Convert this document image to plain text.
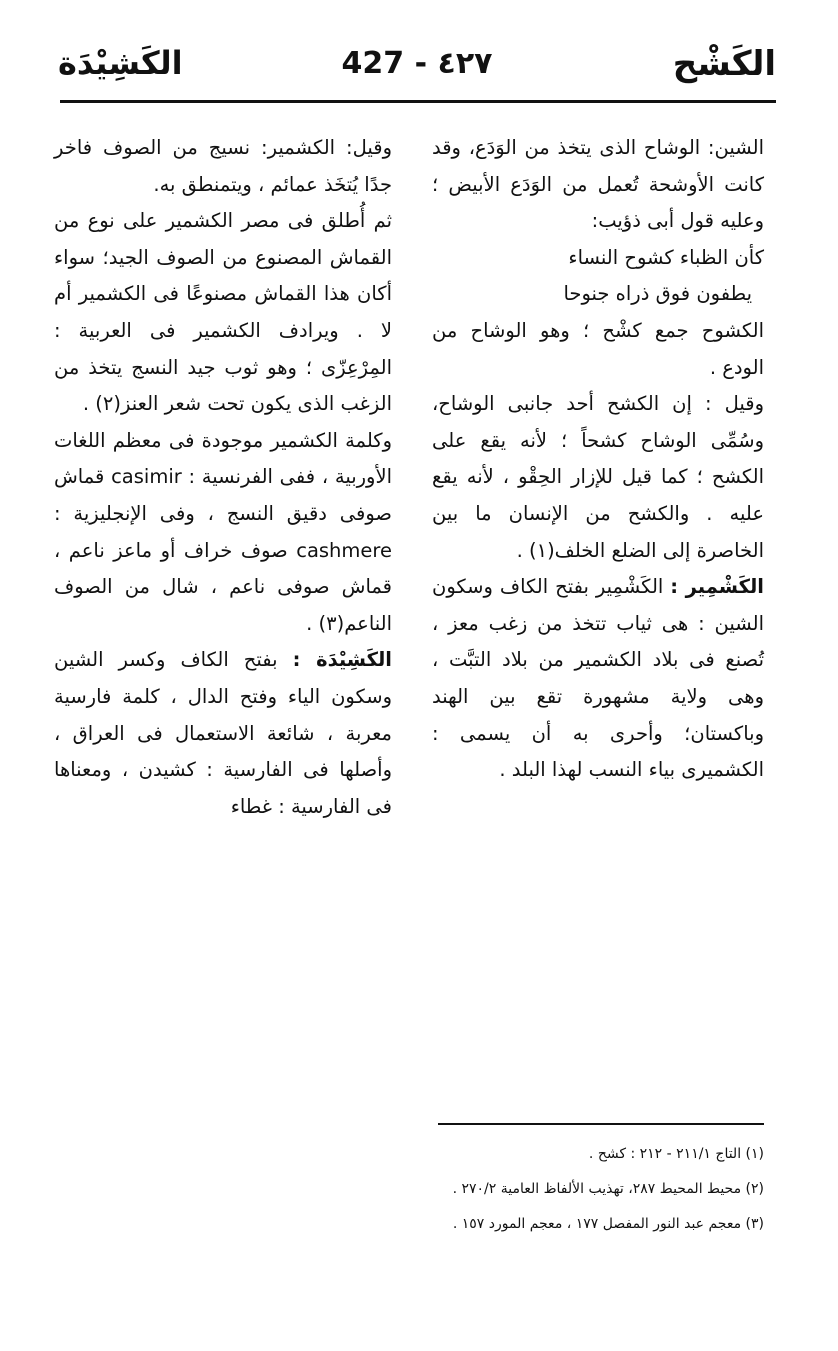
الكَشْح
427 - ٤٢٧
الكَشِيْدَة

الشين: الوشاح الذى يتخذ من الوَدَع، وقد كانت الأوشحة تُعمل من الوَدَع الأبيض ؛ وعليه قول أبى ذؤيب:

كأن الظباء كشوح النساء

يطفون فوق ذراه جنوحا

الكشوح جمع كشْح ؛ وهو الوشاح من الودع .

وقيل : إن الكشح أحد جانبى الوشاح، وسُمِّى الوشاح كشحاً ؛ لأنه يقع على الكشح ؛ كما قيل للإزار الحِقْو ، لأنه يقع عليه . والكشح من الإنسان ما بين الخاصرة إلى الضلع الخلف(١) .

الكَشْمِير : الكَشْمِير بفتح الكاف وسكون الشين : هى ثياب تتخذ من زغب معز ، تُصنع فى بلاد الكشمير من بلاد التبَّت ، وهى ولاية مشهورة تقع بين الهند وباكستان؛ وأحرى به أن يسمى : الكشميرى بياء النسب لهذا البلد .

وقيل: الكشمير: نسيج من الصوف فاخر جدًا يُتخَذ عمائم ، ويتمنطق به.

ثم أُطلق فى مصر الكشمير على نوع من القماش المصنوع من الصوف الجيد؛ سواء أكان هذا القماش مصنوعًا فى الكشمير أم لا . ويرادف الكشمير فى العربية : المِرْعِزّى ؛ وهو ثوب جيد النسج يتخذ من الزغب الذى يكون تحت شعر العنز(٢) .

وكلمة الكشمير موجودة فى معظم اللغات الأوربية ، ففى الفرنسية : casimir قماش صوفى دقيق النسج ، وفى الإنجليزية : cashmere صوف خراف أو ماعز ناعم ، قماش صوفى ناعم ، شال من الصوف الناعم(٣) .

الكَشِيْدَة : بفتح الكاف وكسر الشين وسكون الياء وفتح الدال ، كلمة فارسية معربة ، شائعة الاستعمال فى العراق ، وأصلها فى الفارسية : كشيدن ، ومعناها فى الفارسية : غطاء

(١) التاج ٢١١/١ - ٢١٢ : كشح .

(٢) محيط المحيط ٢٨٧، تهذيب الألفاظ العامية ٢٧٠/٢ .

(٣) معجم عبد النور المفصل ١٧٧ ، معجم المورد ١٥٧ .
